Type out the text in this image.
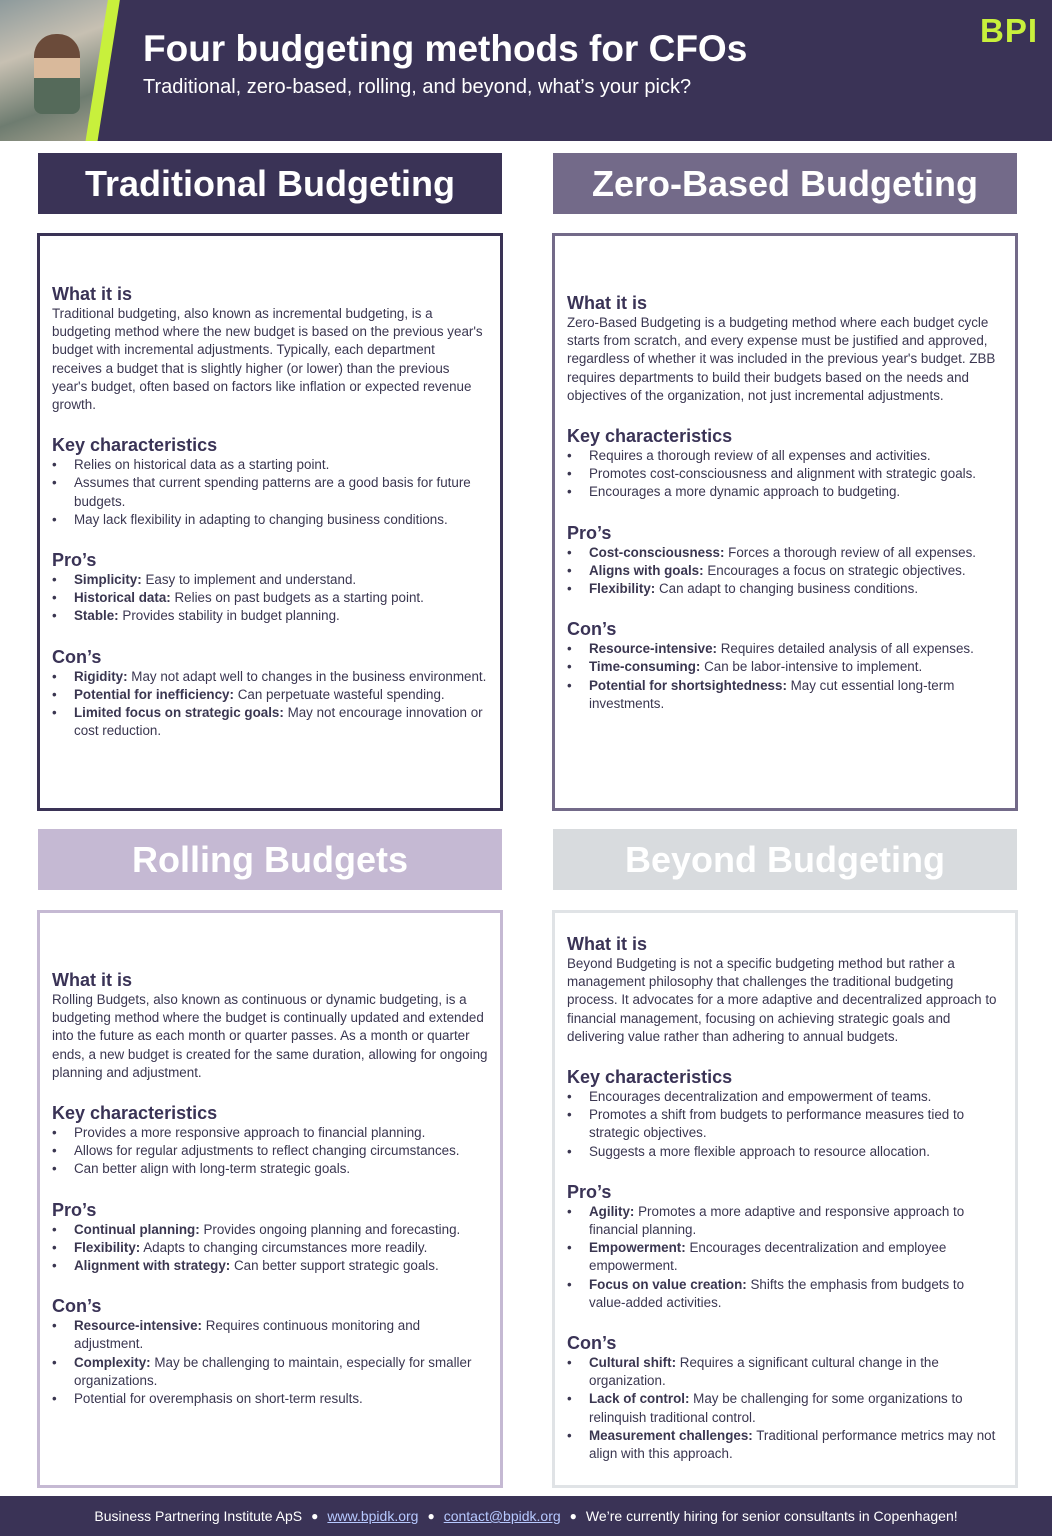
Four budgeting methods for CFOs
Traditional, zero-based, rolling, and beyond, what’s your pick?
BPI
Traditional Budgeting	Zero-Based Budgeting
Rolling Budgets	Beyond Budgeting

What it is

Traditional budgeting, also known as incremental budgeting, is a budgeting method where the new budget is based on the previous year's budget with incremental adjustments. Typically, each department receives a budget that is slightly higher (or lower) than the previous year's budget, often based on factors like inflation or expected revenue growth.

Key characteristics

• Relies on historical data as a starting point.
• Assumes that current spending patterns are a good basis for future budgets.
• May lack flexibility in adapting to changing business conditions.

Pro’s

• Simplicity: Easy to implement and understand.
• Historical data: Relies on past budgets as a starting point.
• Stable: Provides stability in budget planning.

Con’s

• Rigidity: May not adapt well to changes in the business environment.
• Potential for inefficiency: Can perpetuate wasteful spending.
• Limited focus on strategic goals: May not encourage innovation or cost reduction.

What it is

Zero-Based Budgeting is a budgeting method where each budget cycle starts from scratch, and every expense must be justified and approved, regardless of whether it was included in the previous year's budget. ZBB requires departments to build their budgets based on the needs and objectives of the organization, not just incremental adjustments.

Key characteristics

• Requires a thorough review of all expenses and activities.
• Promotes cost-consciousness and alignment with strategic goals.
• Encourages a more dynamic approach to budgeting.

Pro’s

• Cost-consciousness: Forces a thorough review of all expenses.
• Aligns with goals: Encourages a focus on strategic objectives.
• Flexibility: Can adapt to changing business conditions.

Con’s

• Resource-intensive: Requires detailed analysis of all expenses.
• Time-consuming: Can be labor-intensive to implement.
• Potential for shortsightedness: May cut essential long-term investments.

What it is

Rolling Budgets, also known as continuous or dynamic budgeting, is a budgeting method where the budget is continually updated and extended into the future as each month or quarter passes. As a month or quarter ends, a new budget is created for the same duration, allowing for ongoing planning and adjustment.

Key characteristics

• Provides a more responsive approach to financial planning.
• Allows for regular adjustments to reflect changing circumstances.
• Can better align with long-term strategic goals.

Pro’s

• Continual planning: Provides ongoing planning and forecasting.
• Flexibility: Adapts to changing circumstances more readily.
• Alignment with strategy: Can better support strategic goals.

Con’s

• Resource-intensive: Requires continuous monitoring and adjustment.
• Complexity: May be challenging to maintain, especially for smaller organizations.
• Potential for overemphasis on short-term results.

What it is

Beyond Budgeting is not a specific budgeting method but rather a management philosophy that challenges the traditional budgeting process. It advocates for a more adaptive and decentralized approach to financial management, focusing on achieving strategic goals and delivering value rather than adhering to annual budgets.

Key characteristics

• Encourages decentralization and empowerment of teams.
• Promotes a shift from budgets to performance measures tied to strategic objectives.
• Suggests a more flexible approach to resource allocation.

Pro’s

• Agility: Promotes a more adaptive and responsive approach to financial planning.
• Empowerment: Encourages decentralization and employee empowerment.
• Focus on value creation: Shifts the emphasis from budgets to value-added activities.

Con’s

• Cultural shift: Requires a significant cultural change in the organization.
• Lack of control: May be challenging for some organizations to relinquish traditional control.
• Measurement challenges: Traditional performance metrics may not align with this approach.
Business Partnering Institute ApS ● www.bpidk.org ● contact@bpidk.org ● We’re currently hiring for senior consultants in Copenhagen!
